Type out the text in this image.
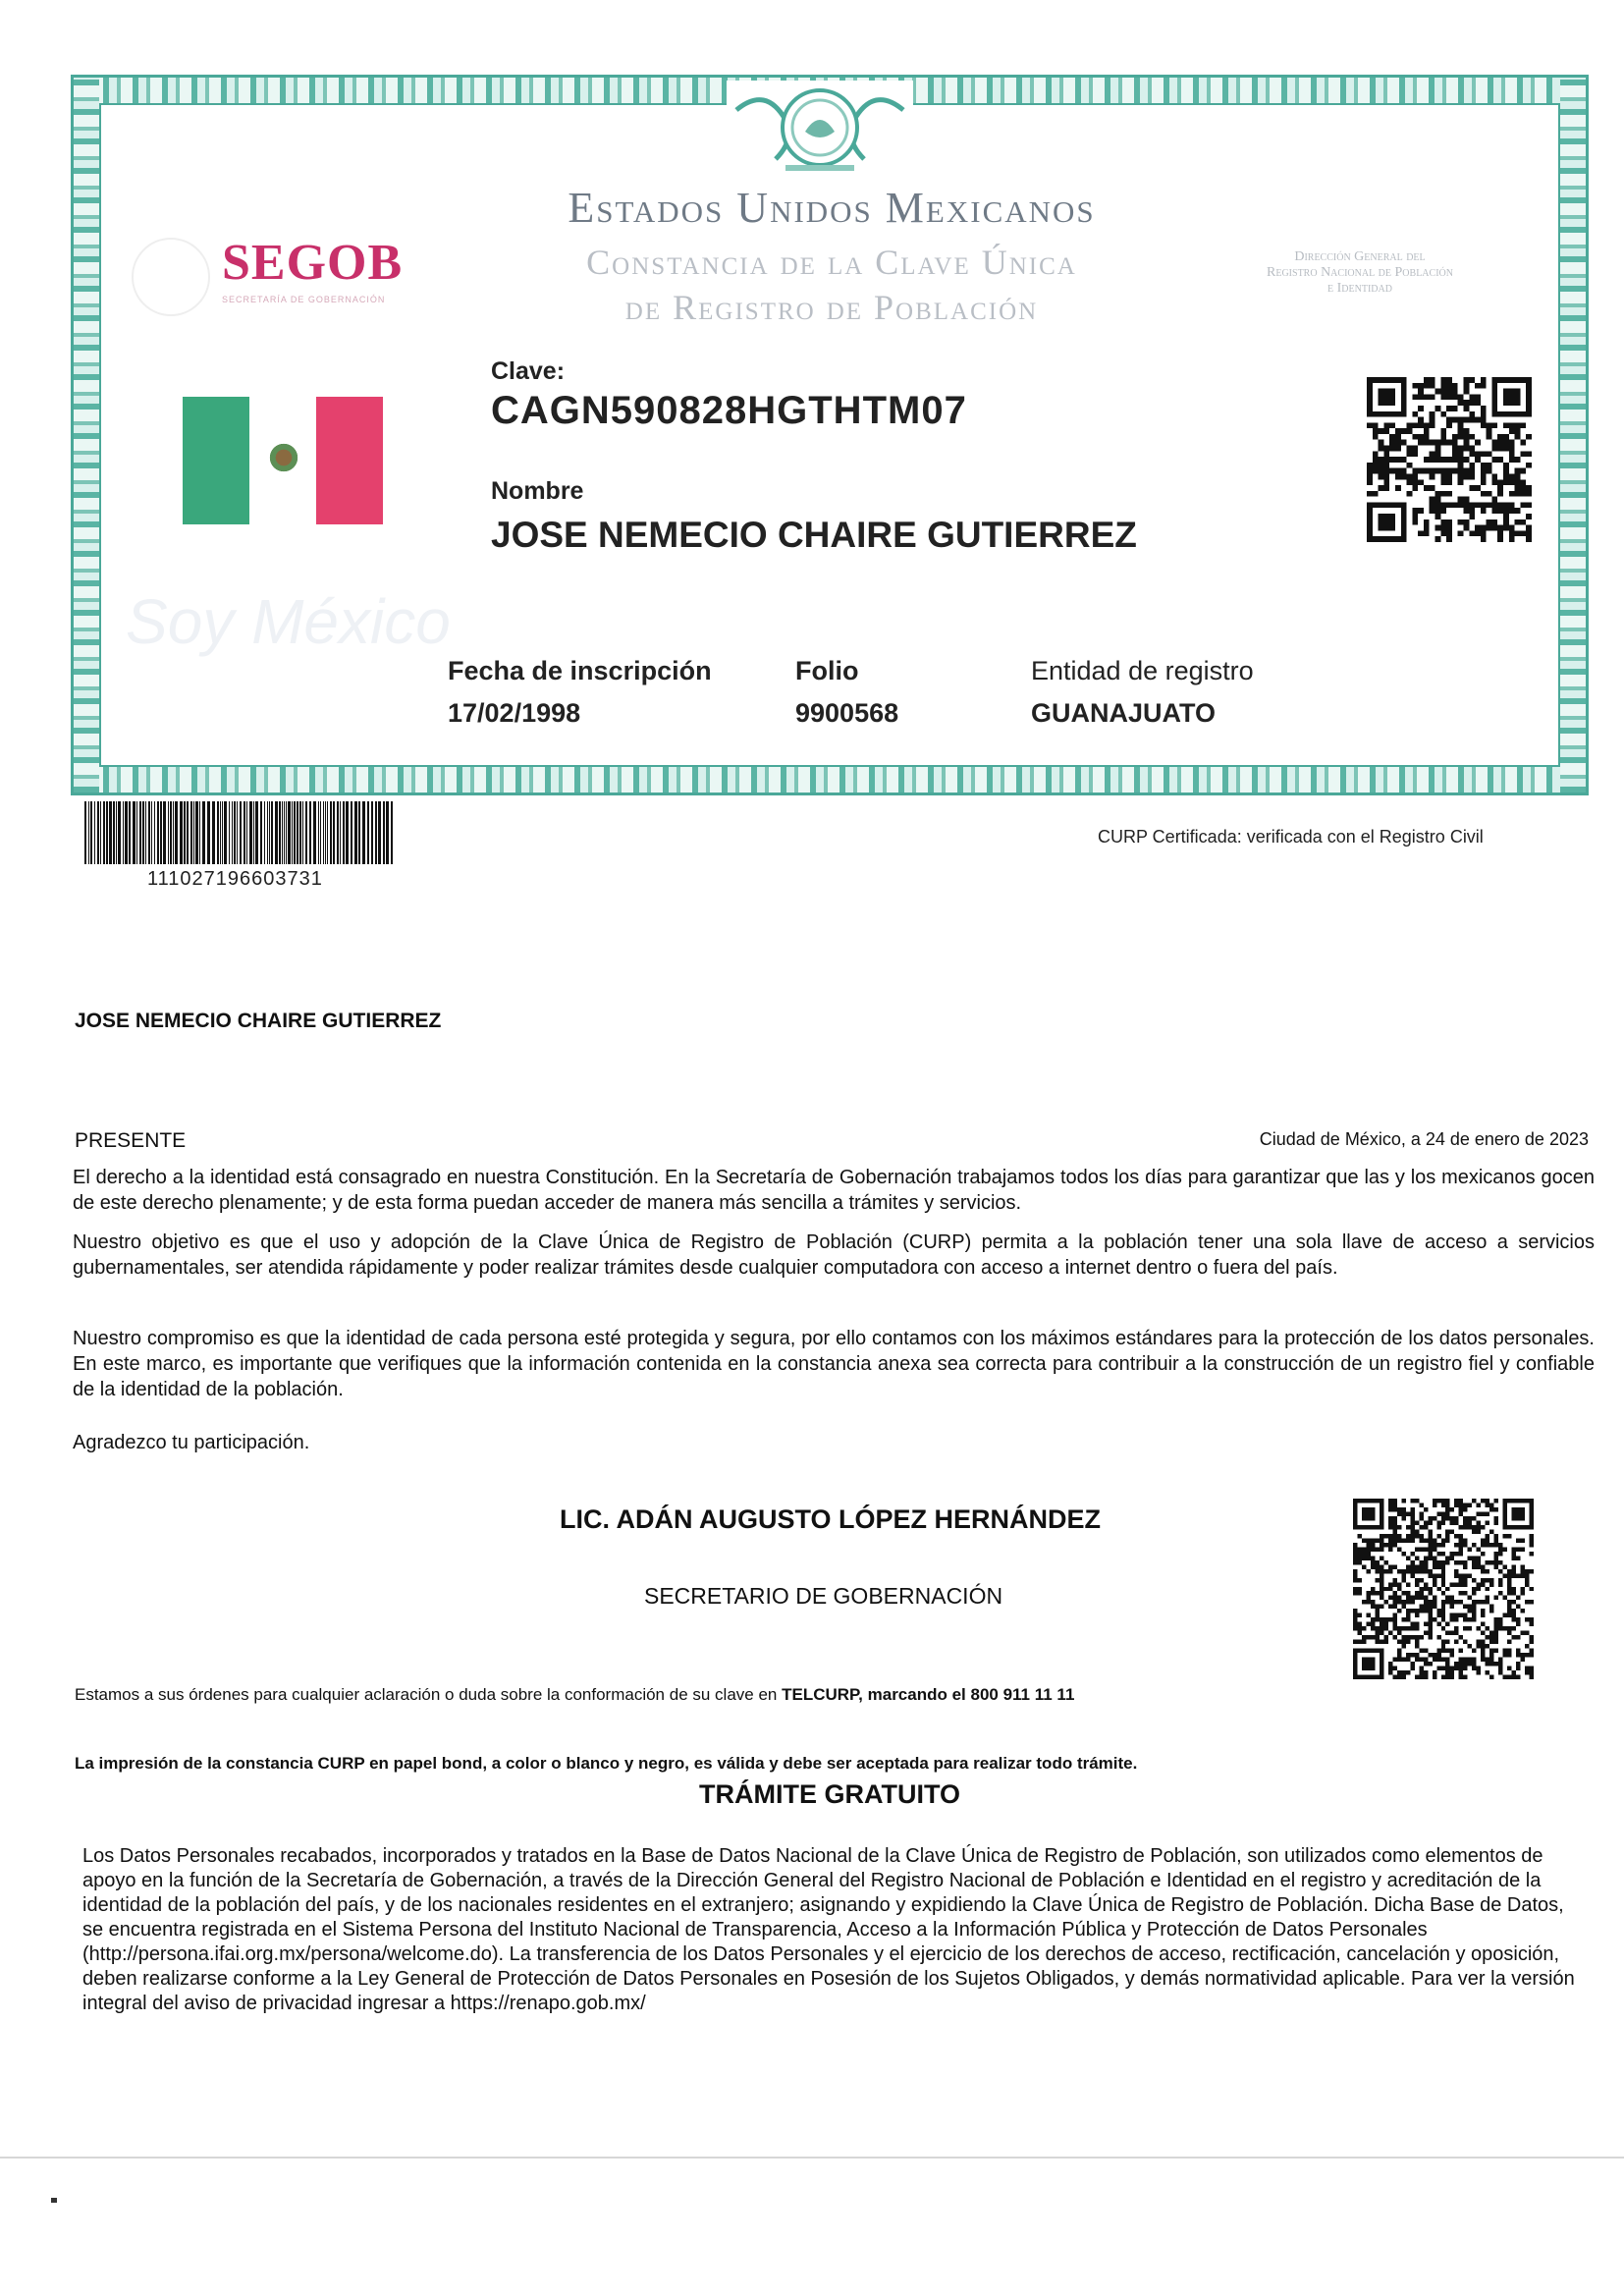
SEGOB
SECRETARÍA DE GOBERNACIÓN
Estados Unidos Mexicanos
Constancia de la Clave Única
de Registro de Población
Dirección General del
Registro Nacional de Población
e Identidad
Soy México
Clave:
CAGN590828HGTHTM07
Nombre
JOSE NEMECIO CHAIRE GUTIERREZ
Fecha de inscripción
17/02/1998
Folio
9900568
Entidad de registro
GUANAJUATO
111027196603731
CURP Certificada: verificada con el Registro Civil
JOSE NEMECIO CHAIRE GUTIERREZ
PRESENTE	Ciudad de México, a 24 de enero de 2023
El derecho a la identidad está consagrado en nuestra Constitución. En la Secretaría de Gobernación trabajamos todos los días para garantizar que las y los mexicanos gocen de este derecho plenamente; y de esta forma puedan acceder de manera más sencilla a trámites y servicios.
Nuestro objetivo es que el uso y adopción de la Clave Única de Registro de Población (CURP) permita a la población tener una sola llave de acceso a servicios gubernamentales, ser atendida rápidamente y poder realizar trámites desde cualquier computadora con acceso a internet dentro o fuera del país.
Nuestro compromiso es que la identidad de cada persona esté protegida y segura, por ello contamos con los máximos estándares para la protección de los datos personales. En este marco, es importante que verifiques que la información contenida en la constancia anexa sea correcta para contribuir a la construcción de un registro fiel y confiable de la identidad de la población.
Agradezco tu participación.
LIC. ADÁN AUGUSTO LÓPEZ HERNÁNDEZ
SECRETARIO DE GOBERNACIÓN
Estamos a sus órdenes para cualquier aclaración o duda sobre la conformación de su clave en TELCURP, marcando el 800 911 11 11
La impresión de la constancia CURP en papel bond, a color o blanco y negro, es válida y debe ser aceptada para realizar todo trámite.
TRÁMITE GRATUITO
Los Datos Personales recabados, incorporados y tratados en la Base de Datos Nacional de la Clave Única de Registro de Población, son utilizados como elementos de apoyo en la función de la Secretaría de Gobernación, a través de la Dirección General del Registro Nacional de Población e Identidad en el registro y acreditación de la identidad de la población del país, y de los nacionales residentes en el extranjero; asignando y expidiendo la Clave Única de Registro de Población. Dicha Base de Datos, se encuentra registrada en el Sistema Persona del Instituto Nacional de Transparencia, Acceso a la Información Pública y Protección de Datos Personales (http://persona.ifai.org.mx/persona/welcome.do). La transferencia de los Datos Personales y el ejercicio de los derechos de acceso, rectificación, cancelación y oposición, deben realizarse conforme a la Ley General de Protección de Datos Personales en Posesión de los Sujetos Obligados, y demás normatividad aplicable. Para ver la versión integral del aviso de privacidad ingresar a https://renapo.gob.mx/
